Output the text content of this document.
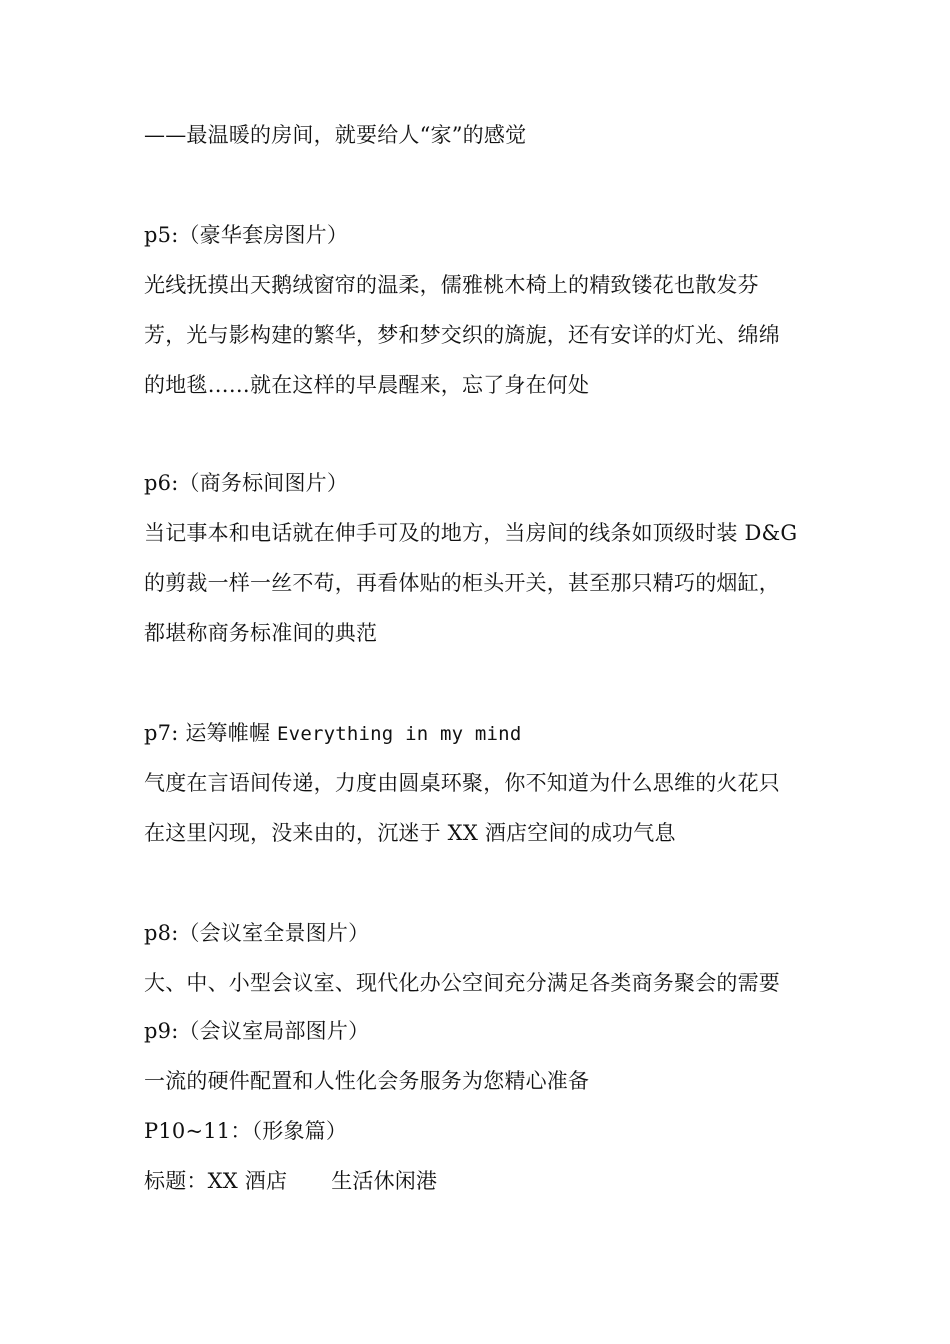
——最温暖的房间，就要给人“家”的感觉
p5:（豪华套房图片）
光线抚摸出天鹅绒窗帘的温柔，儒雅桃木椅上的精致镂花也散发芬
芳，光与影构建的繁华，梦和梦交织的旖旎，还有安详的灯光、绵绵
的地毯……就在这样的早晨醒来，忘了身在何处
p6:（商务标间图片）
当记事本和电话就在伸手可及的地方，当房间的线条如顶级时装 D&G
的剪裁一样一丝不苟，再看体贴的柜头开关，甚至那只精巧的烟缸，
都堪称商务标准间的典范
p7: 运筹帷幄 Everything in my mind
气度在言语间传递，力度由圆桌环聚，你不知道为什么思维的火花只
在这里闪现，没来由的，沉迷于 XX 酒店空间的成功气息
p8:（会议室全景图片）
大、中、小型会议室、现代化办公空间充分满足各类商务聚会的需要
p9:（会议室局部图片）
一流的硬件配置和人性化会务服务为您精心准备
P10~11：（形象篇）
标题：XX 酒店 生活休闲港
